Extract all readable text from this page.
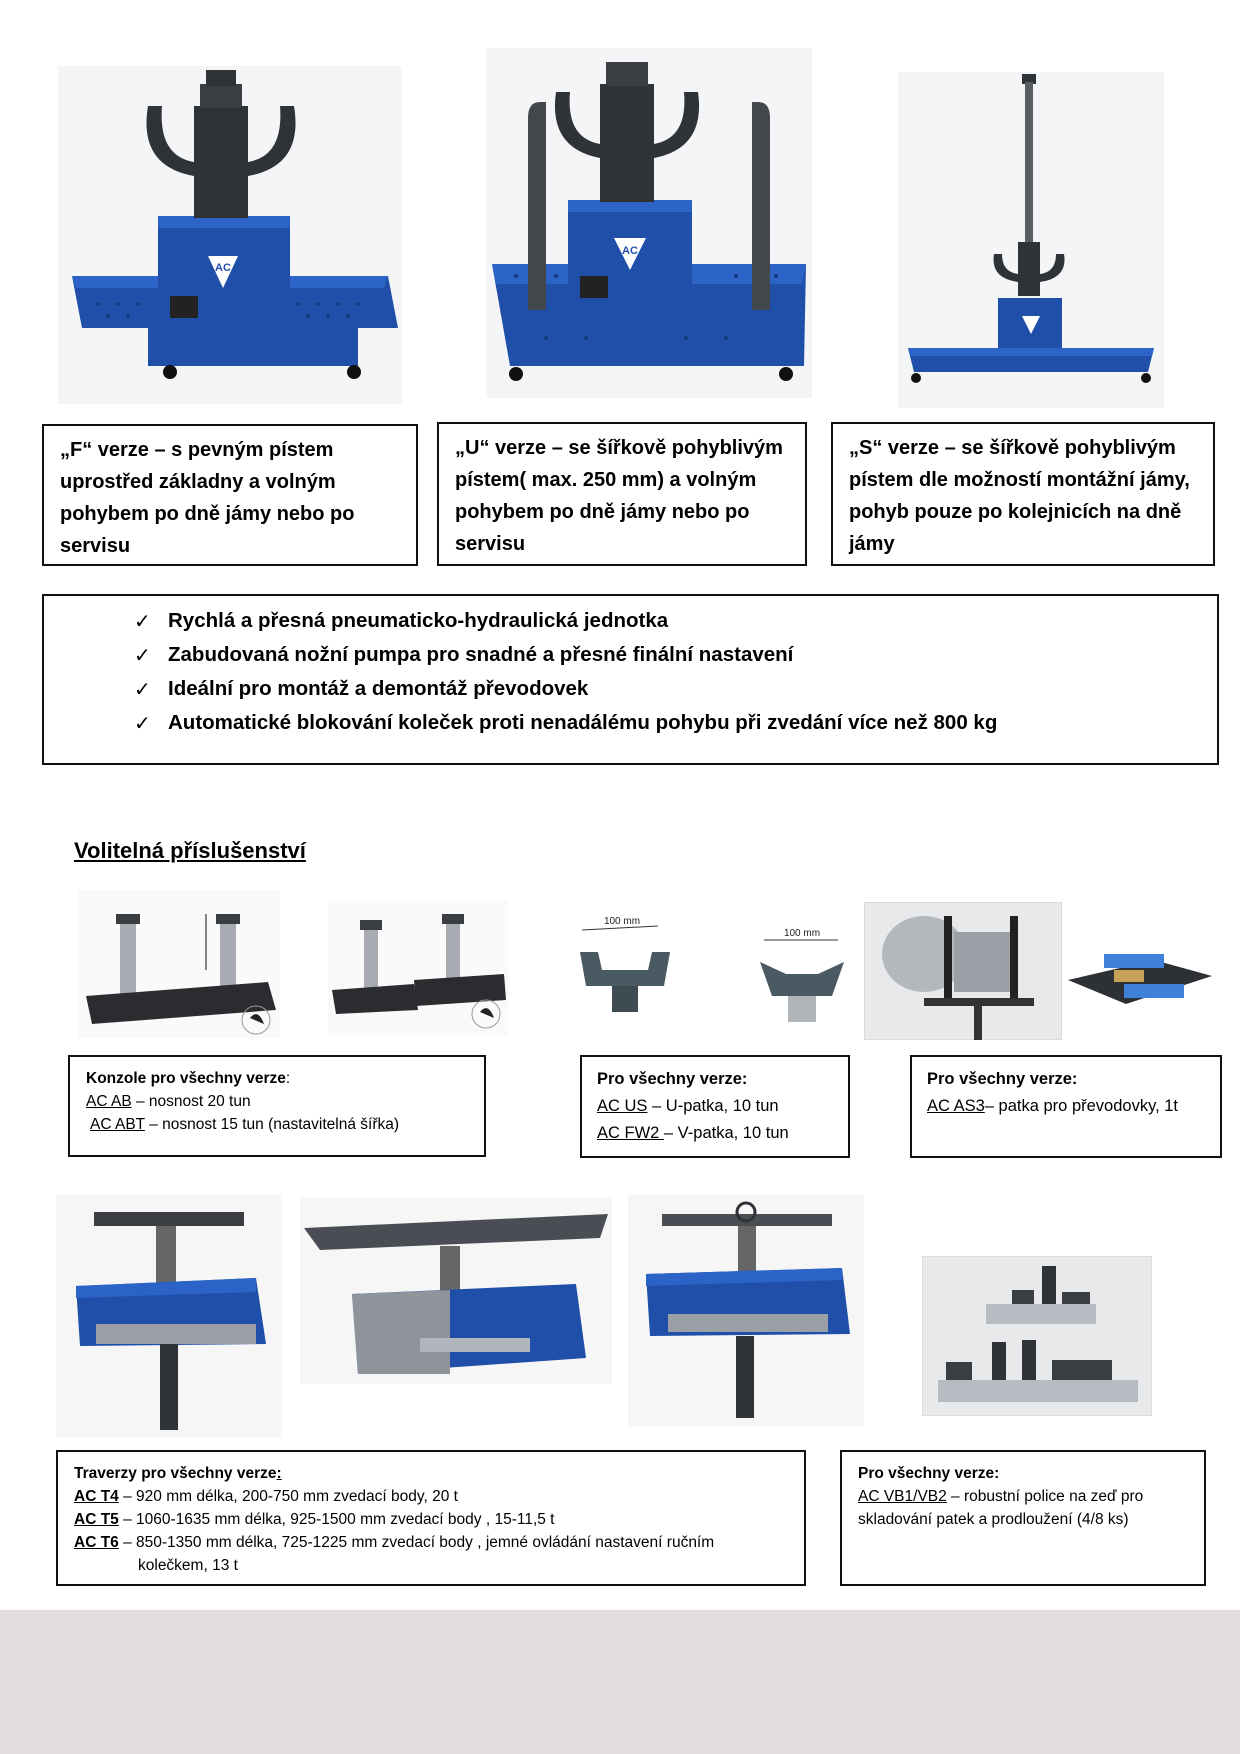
AC
AC
„F“ verze – s pevným pístem
uprostřed základny a volným
pohybem po dně jámy nebo po
servisu
„U“ verze – se šířkově pohyblivým
pístem( max. 250 mm) a volným
pohybem po dně jámy nebo po
servisu
„S“ verze – se šířkově pohyblivým
pístem dle možností montážní jámy,
pohyb pouze po kolejnicích na dně
jámy
✓ Rychlá a přesná pneumaticko-hydraulická jednotka
✓ Zabudovaná nožní pumpa pro snadné a přesné finální nastavení
✓ Ideální pro montáž a demontáž převodovek
✓ Automatické blokování koleček proti nenadálému pohybu při zvedání více než 800 kg
Volitelná příslušenství
100 mm
100 mm
Konzole pro všechny verze:
AC AB – nosnost 20 tun
AC ABT – nosnost 15 tun (nastavitelná šířka)
Pro všechny verze:
AC US – U-patka, 10 tun
AC FW2 – V-patka, 10 tun
Pro všechny verze:
AC AS3– patka pro převodovky, 1t
Traverzy pro všechny verze:
AC T4 – 920 mm délka, 200-750 mm zvedací body, 20 t
AC T5 – 1060-1635 mm délka, 925-1500 mm zvedací body , 15-11,5 t
AC T6 – 850-1350 mm délka, 725-1225 mm zvedací body , jemné ovládání nastavení ručním
kolečkem, 13 t
Pro všechny verze:
AC VB1/VB2 – robustní police na zeď pro
skladování patek a prodloužení (4/8 ks)
